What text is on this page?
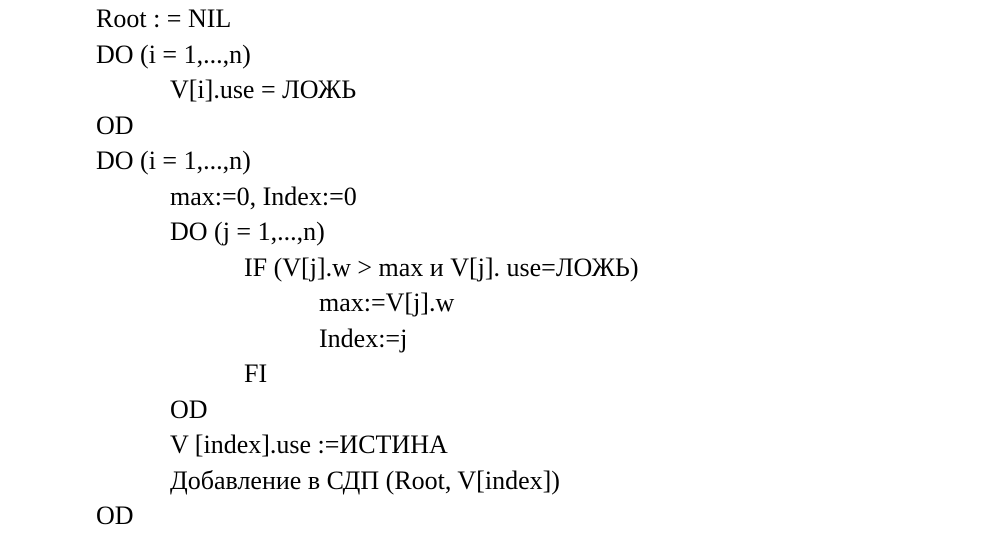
Root : = NIL
DO (i = 1,...,n)
V[i].use = ЛОЖЬ
OD
DO (i = 1,...,n)
max:=0, Index:=0
DO (j = 1,...,n)
IF (V[j].w > max и V[j]. use=ЛОЖЬ)
max:=V[j].w
Index:=j
FI
OD
V [index].use :=ИСТИНА
Добавление в СДП (Root, V[index])
OD
